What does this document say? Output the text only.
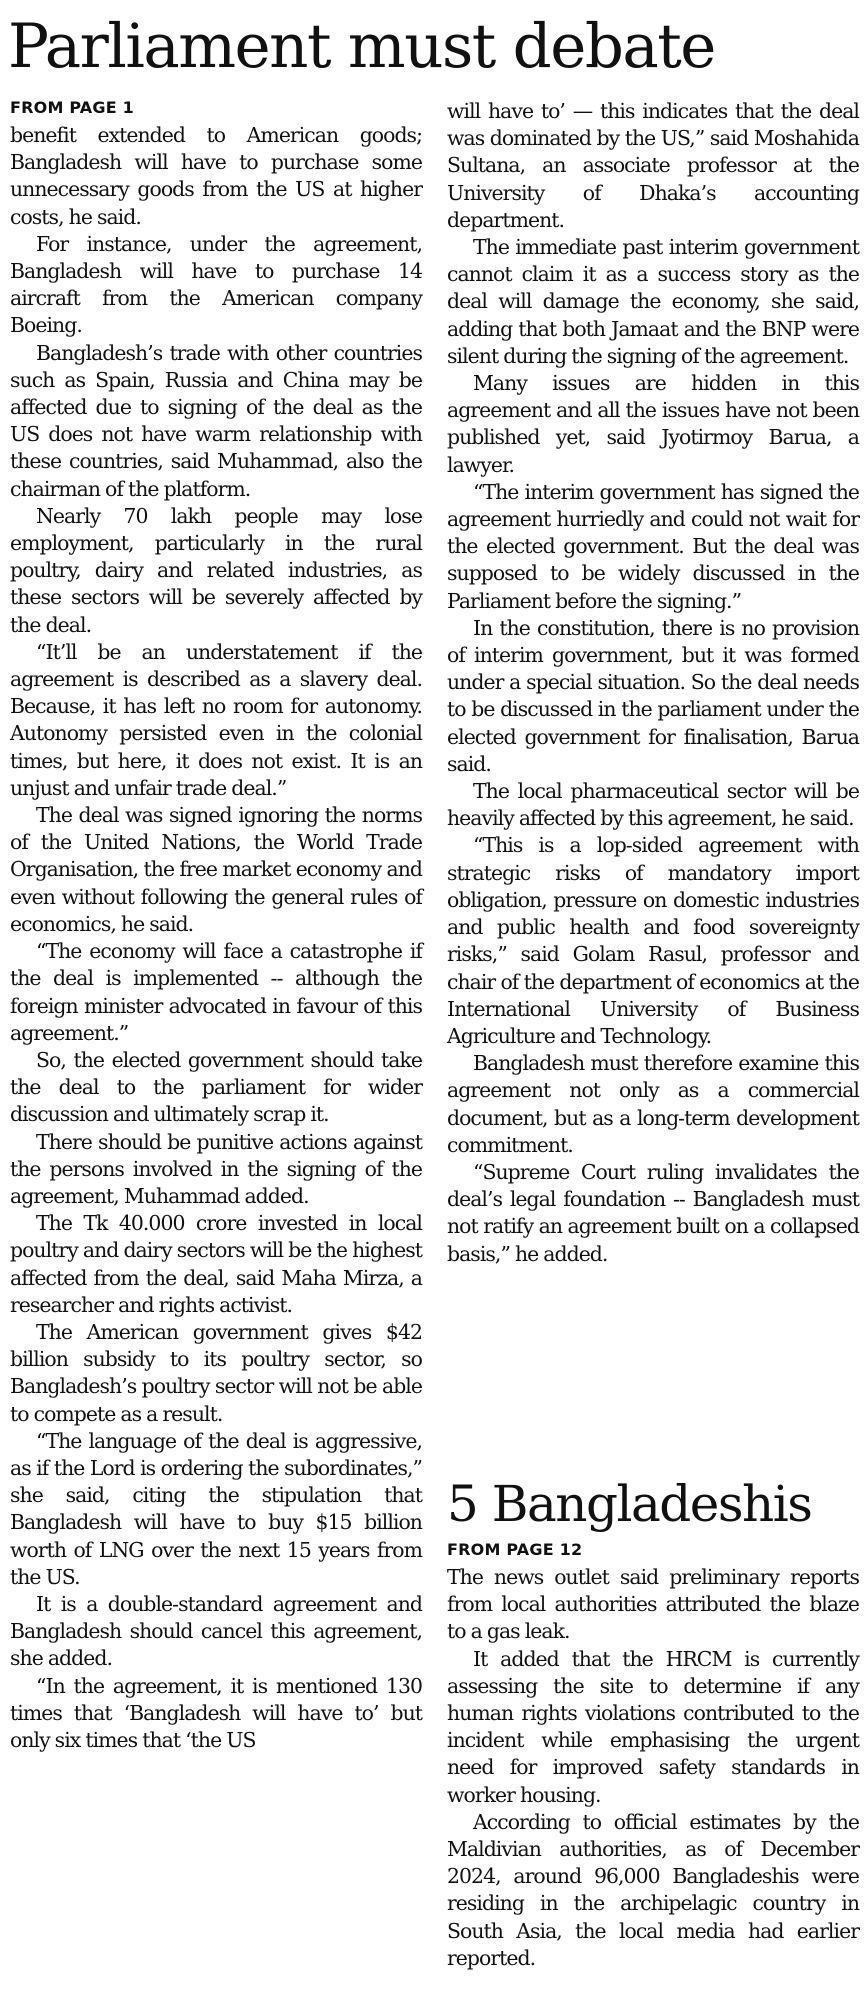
Parliament must debate
FROM PAGE 1

benefit extended to American goods; Bangladesh will have to purchase some unnecessary goods from the US at higher costs, he said.

For instance, under the agreement, Bangladesh will have to purchase 14 aircraft from the American company Boeing.

Bangladesh’s trade with other countries such as Spain, Russia and China may be affected due to signing of the deal as the US does not have warm relationship with these countries, said Muhammad, also the chairman of the platform.

Nearly 70 lakh people may lose employment, particularly in the rural poultry, dairy and related industries, as these sectors will be severely affected by the deal.

“It’ll be an understatement if the agreement is described as a slavery deal. Because, it has left no room for autonomy. Autonomy persisted even in the colonial times, but here, it does not exist. It is an unjust and unfair trade deal.”

The deal was signed ignoring the norms of the United Nations, the World Trade Organisation, the free market economy and even without following the general rules of economics, he said.

“The economy will face a catastrophe if the deal is implemented -- although the foreign minister advocated in favour of this agreement.”

So, the elected government should take the deal to the parliament for wider discussion and ultimately scrap it.

There should be punitive actions against the persons involved in the signing of the agreement, Muhammad added.

The Tk 40.000 crore invested in local poultry and dairy sectors will be the highest affected from the deal, said Maha Mirza, a researcher and rights activist.

The American government gives $42 billion subsidy to its poultry sector, so Bangladesh’s poultry sector will not be able to compete as a result.

“The language of the deal is aggressive, as if the Lord is ordering the subordinates,” she said, citing the stipulation that Bangladesh will have to buy $15 billion worth of LNG over the next 15 years from the US.

It is a double-standard agreement and Bangladesh should cancel this agreement, she added.

“In the agreement, it is mentioned 130 times that ‘Bangladesh will have to’ but only six times that ‘the US

will have to’ — this indicates that the deal was dominated by the US,” said Moshahida Sultana, an associate professor at the University of Dhaka’s accounting department.

The immediate past interim government cannot claim it as a success story as the deal will damage the economy, she said, adding that both Jamaat and the BNP were silent during the signing of the agreement.

Many issues are hidden in this agreement and all the issues have not been published yet, said Jyotirmoy Barua, a lawyer.

“The interim government has signed the agreement hurriedly and could not wait for the elected government. But the deal was supposed to be widely discussed in the Parliament before the signing.”

In the constitution, there is no provision of interim government, but it was formed under a special situation. So the deal needs to be discussed in the parliament under the elected government for finalisation, Barua said.

The local pharmaceutical sector will be heavily affected by this agreement, he said.

“This is a lop-sided agreement with strategic risks of mandatory import obligation, pressure on domestic industries and public health and food sovereignty risks,” said Golam Rasul, professor and chair of the department of economics at the International University of Business Agriculture and Technology.

Bangladesh must therefore examine this agreement not only as a commercial document, but as a long-term development commitment.

“Supreme Court ruling invalidates the deal’s legal foundation -- Bangladesh must not ratify an agreement built on a collapsed basis,” he added.

5 Bangladeshis
FROM PAGE 12

The news outlet said preliminary reports from local authorities attributed the blaze to a gas leak.

It added that the HRCM is currently assessing the site to determine if any human rights violations contributed to the incident while emphasising the urgent need for improved safety standards in worker housing.

According to official estimates by the Maldivian authorities, as of December 2024, around 96,000 Bangladeshis were residing in the archipelagic country in South Asia, the local media had earlier reported.
